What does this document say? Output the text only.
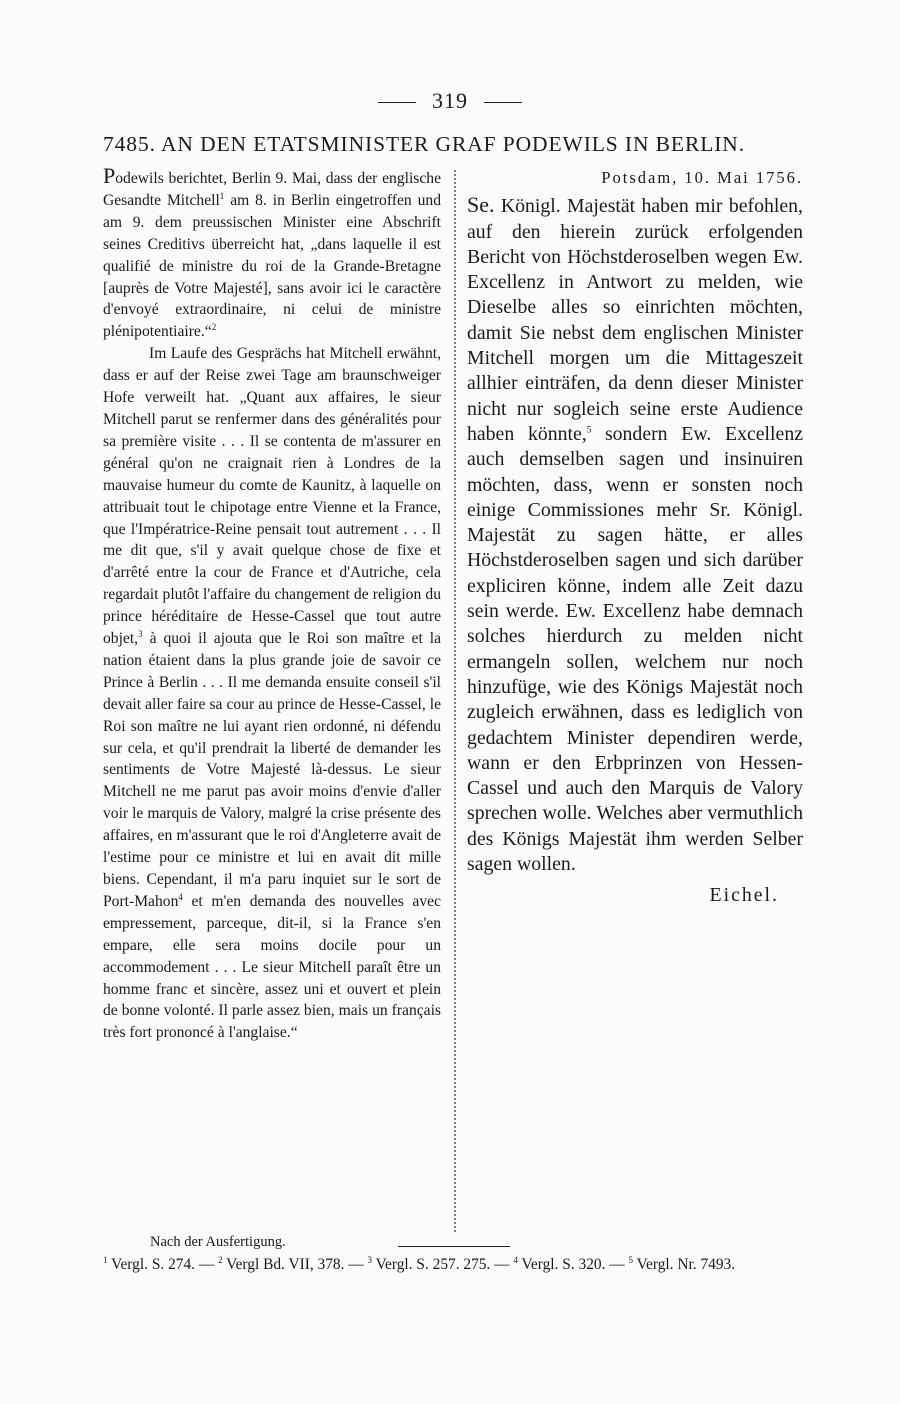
319
7485. AN DEN ETATSMINISTER GRAF PODEWILS IN BERLIN.

Podewils berichtet, Berlin 9. Mai, dass der englische Gesandte Mitchell$^1$ am 8. in Berlin eingetroffen und am 9. dem preussischen Minister eine Abschrift seines Creditivs überreicht hat, „dans laquelle il est qualifié de ministre du roi de la Grande-Bretagne [auprès de Votre Majesté], sans avoir ici le caractère d'envoyé extraordinaire, ni celui de ministre plénipotentiaire.“$^2$

Im Laufe des Gesprächs hat Mitchell erwähnt, dass er auf der Reise zwei Tage am braunschweiger Hofe verweilt hat. „Quant aux affaires, le sieur Mitchell parut se renfermer dans des généralités pour sa première visite . . . Il se contenta de m'assurer en général qu'on ne craignait rien à Londres de la mauvaise humeur du comte de Kaunitz, à laquelle on attribuait tout le chipotage entre Vienne et la France, que l'Impératrice-Reine pensait tout autrement . . . Il me dit que, s'il y avait quelque chose de fixe et d'arrêté entre la cour de France et d'Autriche, cela regardait plutôt l'affaire du changement de religion du prince héréditaire de Hesse-Cassel que tout autre objet,$^3$ à quoi il ajouta que le Roi son maître et la nation étaient dans la plus grande joie de savoir ce Prince à Berlin . . . Il me demanda ensuite conseil s'il devait aller faire sa cour au prince de Hesse-Cassel, le Roi son maître ne lui ayant rien ordonné, ni défendu sur cela, et qu'il prendrait la liberté de demander les sentiments de Votre Majesté là-dessus. Le sieur Mitchell ne me parut pas avoir moins d'envie d'aller voir le marquis de Valory, malgré la crise présente des affaires, en m'assurant que le roi d'Angleterre avait de l'estime pour ce ministre et lui en avait dit mille biens. Cependant, il m'a paru inquiet sur le sort de Port-Mahon$^4$ et m'en demanda des nouvelles avec empressement, parceque, dit-il, si la France s'en empare, elle sera moins docile pour un accommodement . . . Le sieur Mitchell paraît être un homme franc et sincère, assez uni et ouvert et plein de bonne volonté. Il parle assez bien, mais un français très fort prononcé à l'anglaise.“

Potsdam, 10. Mai 1756.

Se. Königl. Majestät haben mir befohlen, auf den hierein zurück erfolgenden Bericht von Höchstderoselben wegen Ew. Excellenz in Antwort zu melden, wie Dieselbe alles so einrichten möchten, damit Sie nebst dem englischen Minister Mitchell morgen um die Mittageszeit allhier einträfen, da denn dieser Minister nicht nur sogleich seine erste Audience haben könnte,$^5$ sondern Ew. Excellenz auch demselben sagen und insinuiren möchten, dass, wenn er sonsten noch einige Commissiones mehr Sr. Königl. Majestät zu sagen hätte, er alles Höchstderoselben sagen und sich darüber expliciren könne, indem alle Zeit dazu sein werde. Ew. Excellenz habe demnach solches hierdurch zu melden nicht ermangeln sollen, welchem nur noch hinzufüge, wie des Königs Majestät noch zugleich erwähnen, dass es lediglich von gedachtem Minister dependiren werde, wann er den Erbprinzen von Hessen-Cassel und auch den Marquis de Valory sprechen wolle. Welches aber vermuthlich des Königs Majestät ihm werden Selber sagen wollen.

Eichel.
Nach der Ausfertigung.
$^1$ Vergl. S. 274. — $^2$ Vergl Bd. VII, 378. — $^3$ Vergl. S. 257. 275. — $^4$ Vergl. S. 320. — $^5$ Vergl. Nr. 7493.
